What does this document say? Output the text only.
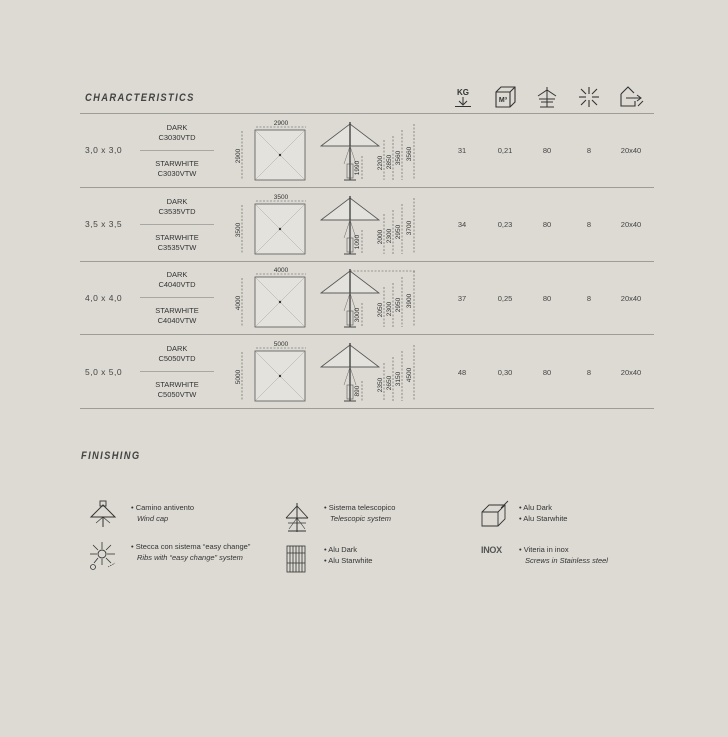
CHARACTERISTICS	KG
M³
3,0 x 3,0
DARK
C3030VTD
STARWHITE
C3030VTW
2900
2900
1990 2200 2850 3560 3560	31	0,21	80	8	20x40
3,5 x 3,5
DARK
C3535VTD
STARWHITE
C3535VTW
3500
3500
1090 2000 2300 2950 3700	34	0,23	80	8	20x40
4,0 x 4,0
DARK
C4040VTD
STARWHITE
C4040VTW
4000
4000
3000 2050 2300 2950 3900	37	0,25	80	8	20x40
5,0 x 5,0
DARK
C5050VTD
STARWHITE
C5050VTW
5000
5000
890 2350 2650 3150 4500	48	0,30	80	8	20x40
FINISHING
• Camino antivento
Wind cap
• Sistema telescopico
Telescopic system
• Alu Dark
• Alu Starwhite
• Stecca con sistema “easy change”
Ribs with “easy change” system
• Alu Dark
• Alu Starwhite
INOX • Viteria in inox
Screws in Stainless steel
